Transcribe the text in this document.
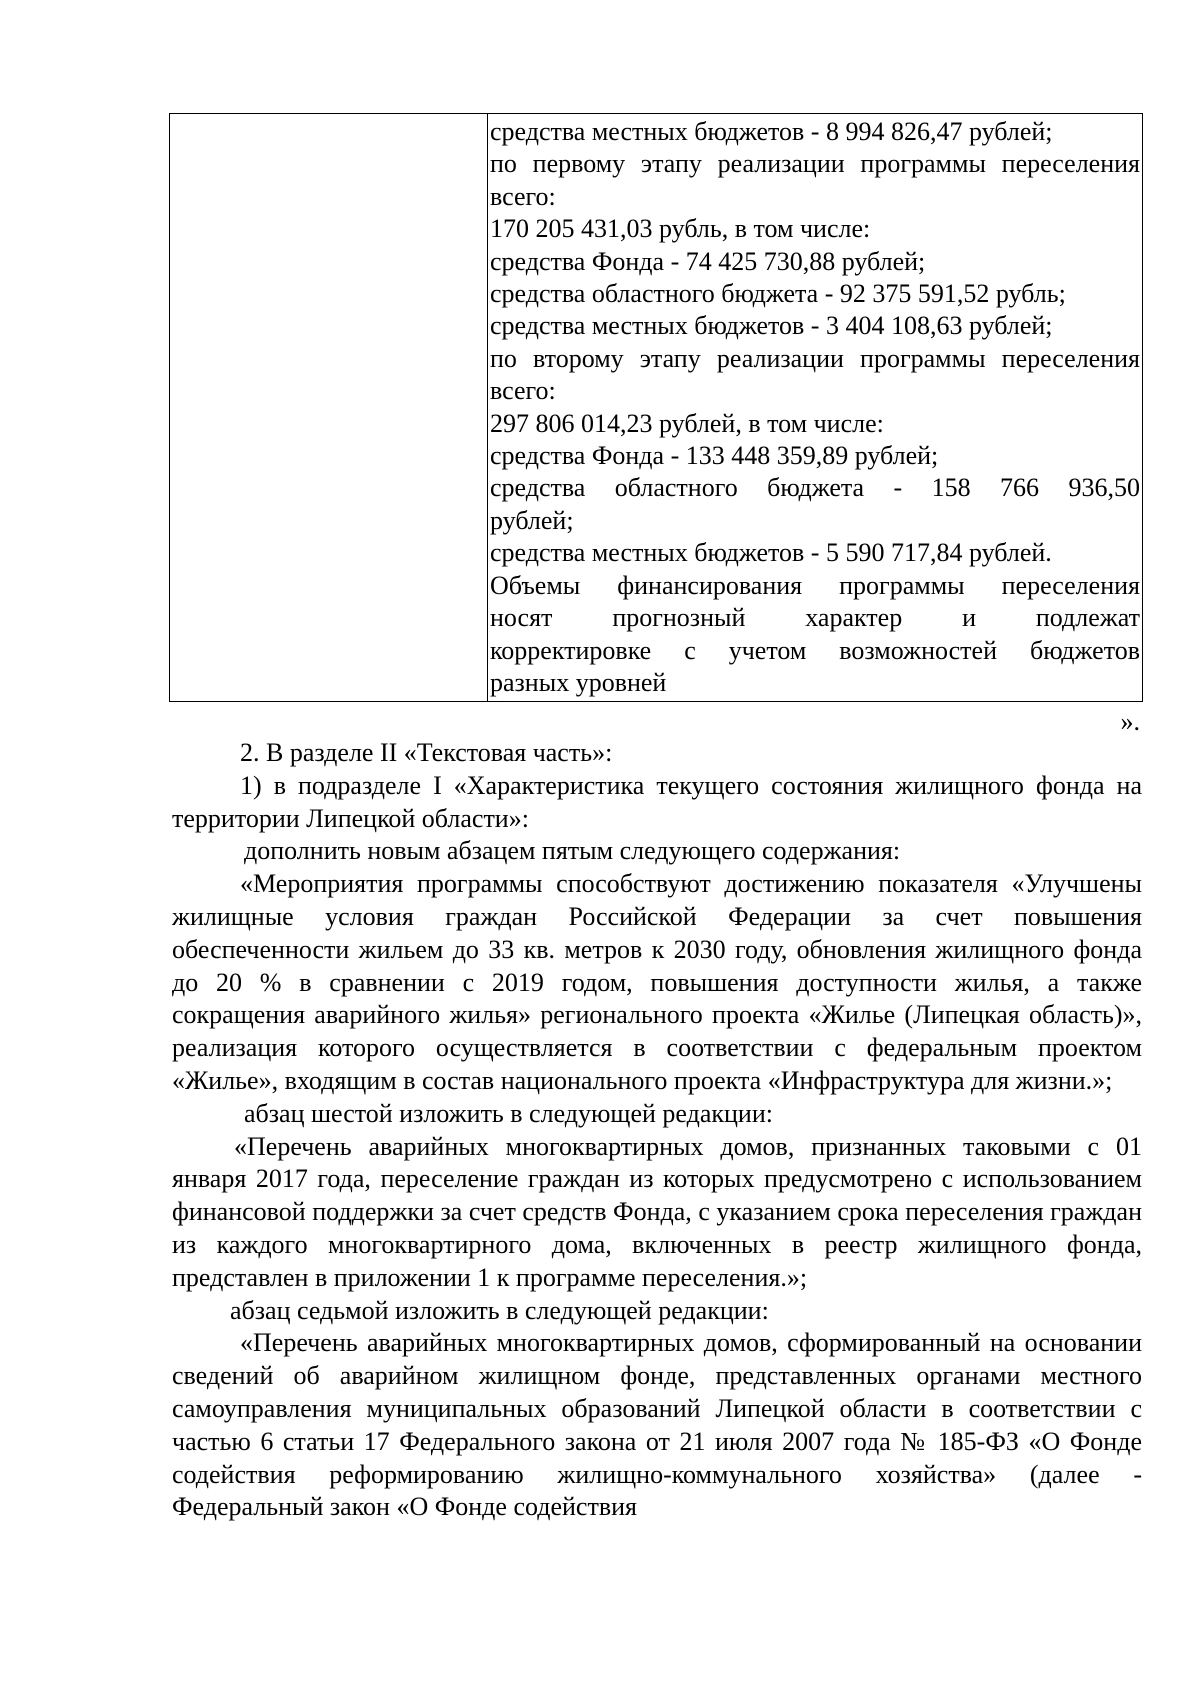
средства местных бюджетов - 8 994 826,47 рублей;
по первому этапу реализации программы переселения
всего:
170 205 431,03 рубль, в том числе:
средства Фонда - 74 425 730,88 рублей;
средства областного бюджета - 92 375 591,52 рубль;
средства местных бюджетов - 3 404 108,63 рублей;
по второму этапу реализации программы переселения
всего:
297 806 014,23 рублей, в том числе:
средства Фонда - 133 448 359,89 рублей;
средства областного бюджета - 158 766 936,50
рублей;
средства местных бюджетов - 5 590 717,84 рублей.
Объемы финансирования программы переселения
носят прогнозный характер и подлежат
корректировке с учетом возможностей бюджетов
разных уровней
».

2. В разделе II «Текстовая часть»:

1) в подразделе I «Характеристика текущего состояния жилищного фонда на территории Липецкой области»:

дополнить новым абзацем пятым следующего содержания:

«Мероприятия программы способствуют достижению показателя «Улучшены жилищные условия граждан Российской Федерации за счет повышения обеспеченности жильем до 33 кв. метров к 2030 году, обновления жилищного фонда до 20 % в сравнении с 2019 годом, повышения доступности жилья, а также сокращения аварийного жилья» регионального проекта «Жилье (Липецкая область)», реализация которого осуществляется в соответствии с федеральным проектом «Жилье», входящим в состав национального проекта «Инфраструктура для жизни.»;

абзац шестой изложить в следующей редакции:

«Перечень аварийных многоквартирных домов, признанных таковыми с 01 января 2017 года, переселение граждан из которых предусмотрено с использованием финансовой поддержки за счет средств Фонда, с указанием срока переселения граждан из каждого многоквартирного дома, включенных в реестр жилищного фонда, представлен в приложении 1 к программе переселения.»;

абзац седьмой изложить в следующей редакции:

«Перечень аварийных многоквартирных домов, сформированный на основании сведений об аварийном жилищном фонде, представленных органами местного самоуправления муниципальных образований Липецкой области в соответствии с частью 6 статьи 17 Федерального закона от 21 июля 2007 года № 185-ФЗ «О Фонде содействия реформированию жилищно-коммунального хозяйства» (далее - Федеральный закон «О Фонде содействия
